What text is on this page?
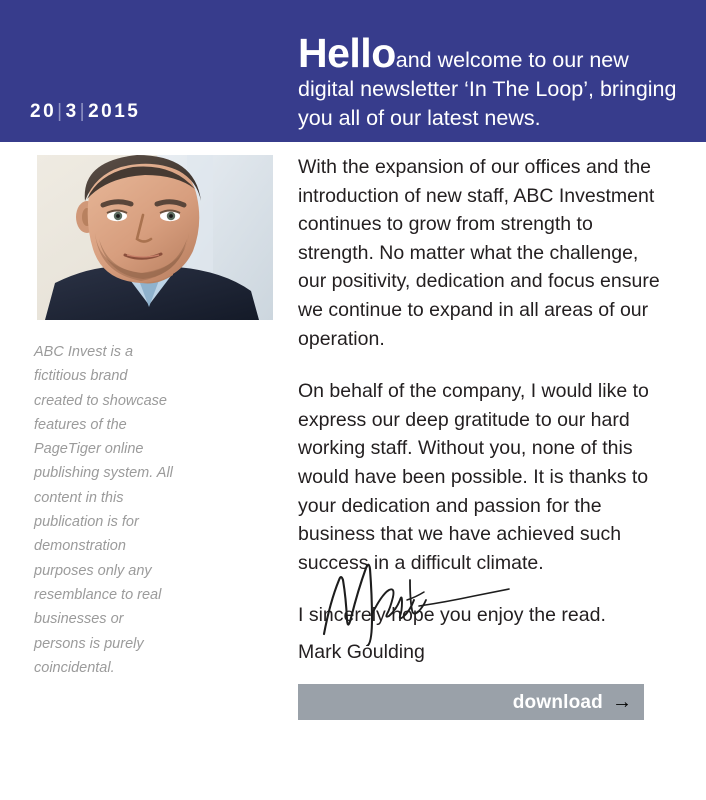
20|3|2015
Helloand welcome to our new digital newsletter ‘In The Loop’, bringing you all of our latest news.
ABC Invest is a fictitious brand created to showcase features of the PageTiger online publishing system. All content in this publication is for demonstration purposes only any resemblance to real businesses or persons is purely coincidental.

With the expansion of our offices and the introduction of new staff, ABC Investment continues to grow from strength to strength. No matter what the challenge, our positivity, dedication and focus ensure we continue to expand in all areas of our operation.

On behalf of the company, I would like to express our deep gratitude to our hard working staff. Without you, none of this would have been possible. It is thanks to your dedication and passion for the business that we have achieved such success in a difficult climate.

I sincerely hope you enjoy the read.

Mark Goulding
download →
